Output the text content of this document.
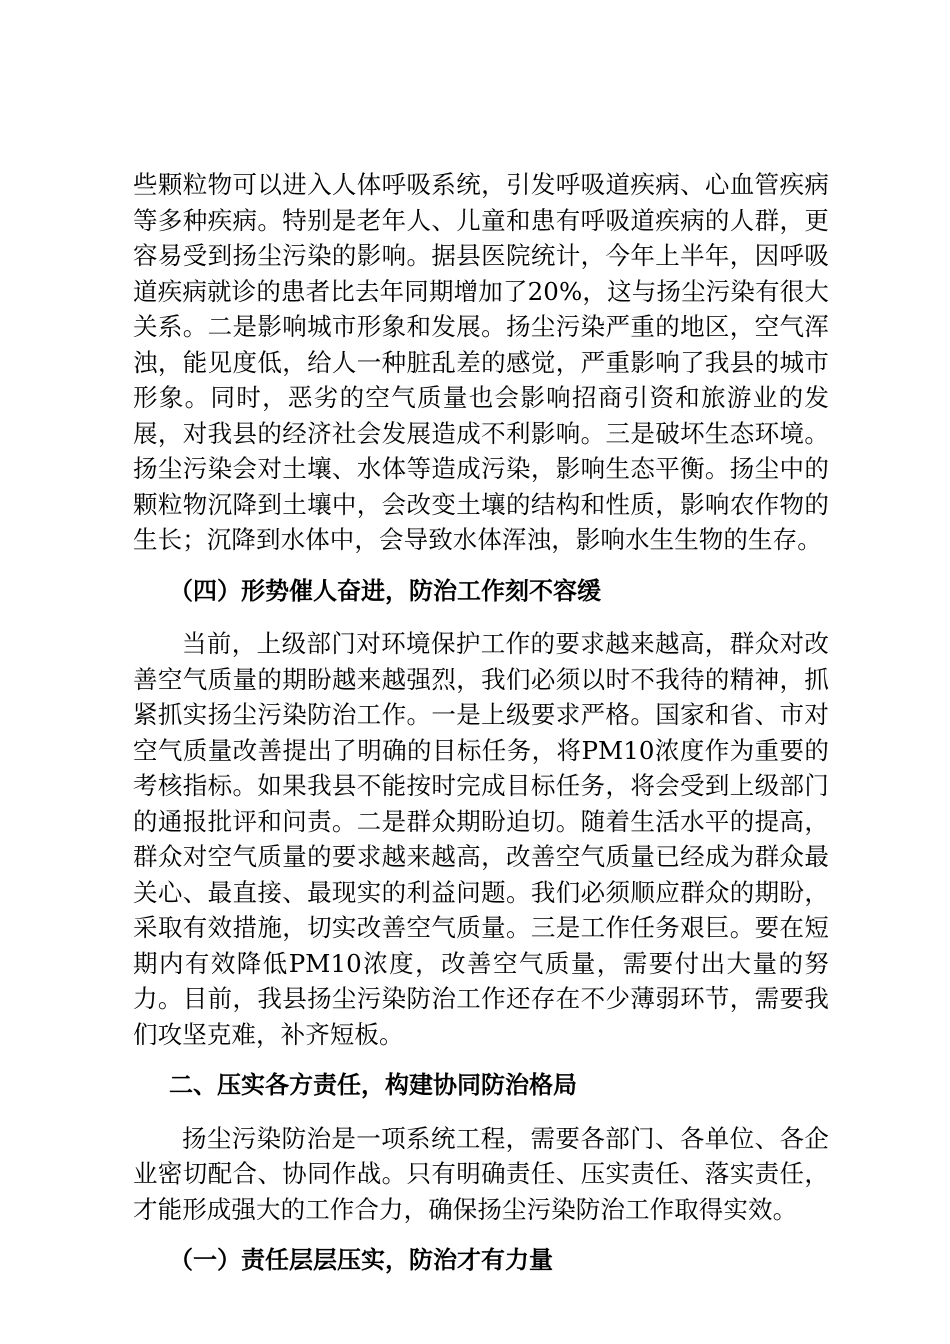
些颗粒物可以进入人体呼吸系统，引发呼吸道疾病、心血管疾病等多种疾病。特别是老年人、儿童和患有呼吸道疾病的人群，更容易受到扬尘污染的影响。据县医院统计，今年上半年，因呼吸道疾病就诊的患者比去年同期增加了20%，这与扬尘污染有很大关系。二是影响城市形象和发展。扬尘污染严重的地区，空气浑浊，能见度低，给人一种脏乱差的感觉，严重影响了我县的城市形象。同时，恶劣的空气质量也会影响招商引资和旅游业的发展，对我县的经济社会发展造成不利影响。三是破坏生态环境。扬尘污染会对土壤、水体等造成污染，影响生态平衡。扬尘中的颗粒物沉降到土壤中，会改变土壤的结构和性质，影响农作物的生长；沉降到水体中，会导致水体浑浊，影响水生生物的生存。

（四）形势催人奋进，防治工作刻不容缓

当前，上级部门对环境保护工作的要求越来越高，群众对改善空气质量的期盼越来越强烈，我们必须以时不我待的精神，抓紧抓实扬尘污染防治工作。一是上级要求严格。国家和省、市对空气质量改善提出了明确的目标任务，将PM10浓度作为重要的考核指标。如果我县不能按时完成目标任务，将会受到上级部门的通报批评和问责。二是群众期盼迫切。随着生活水平的提高，群众对空气质量的要求越来越高，改善空气质量已经成为群众最关心、最直接、最现实的利益问题。我们必须顺应群众的期盼，采取有效措施，切实改善空气质量。三是工作任务艰巨。要在短期内有效降低PM10浓度，改善空气质量，需要付出大量的努力。目前，我县扬尘污染防治工作还存在不少薄弱环节，需要我们攻坚克难，补齐短板。

二、压实各方责任，构建协同防治格局

扬尘污染防治是一项系统工程，需要各部门、各单位、各企业密切配合、协同作战。只有明确责任、压实责任、落实责任，才能形成强大的工作合力，确保扬尘污染防治工作取得实效。

（一）责任层层压实，防治才有力量
